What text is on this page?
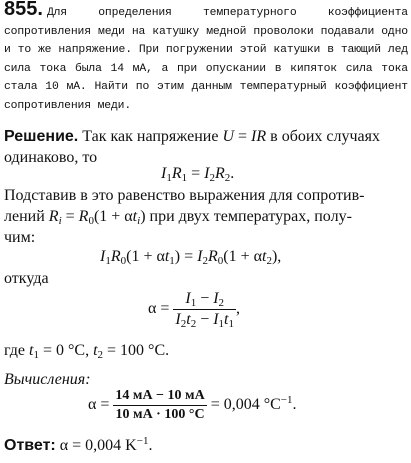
855. Для определения температурного коэффициента сопротивления меди на катушку медной проволоки подавали одно и то же напряжение. При погружении этой катушки в тающий лед сила тока была 14 мА, а при опускании в кипяток сила тока стала 10 мА. Найти по этим данным температурный коэффициент сопротивления меди.
Решение. Так как напряжение U = IR в обоих случаях
одинаково, то
$I_1R_1 = I_2R_2$.
Подставив в это равенство выражения для сопротив-
лений $R_i = R_0(1 + \alpha t_i)$ при двух температурах, полу-
чим:
$I_1R_0(1 + \alpha t_1) = I_2R_0(1 + \alpha t_2)$,
откуда
$\alpha = \frac{I_1 - I_2}{I_2t_2 - I_1t_1}$ ,
где $t_1 = 0$ °C, $t_2 = 100$ °C.
Вычисления:
$\alpha = \frac{14 мА - 10 мА}{10 мА \cdot 100 ^\circ C} = 0,004$ $^\circ C^{-1}$.
Ответ: α = 0,004 $K^{-1}$.
